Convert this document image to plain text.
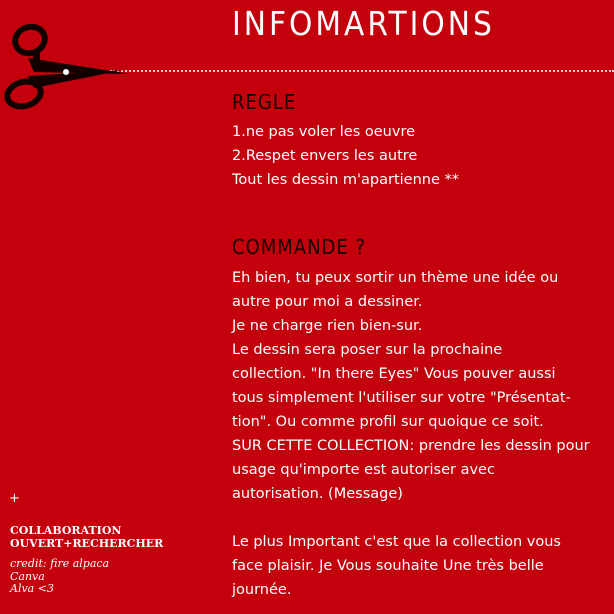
INFOMARTIONS
REGLE
1.ne pas voler les oeuvre
2.Respet envers les autre
Tout les dessin m'apartienne **
COMMANDE ?
Eh bien, tu peux sortir un thème une idée ou
autre pour moi a dessiner.
Je ne charge rien bien-sur.
Le dessin sera poser sur la prochaine
collection. "In there Eyes" Vous pouver aussi
tous simplement l'utiliser sur votre "Présentat-
tion". Ou comme profil sur quoique ce soit.
SUR CETTE COLLECTION: prendre les dessin pour
usage qu'importe est autoriser avec
autorisation. (Message)
Le plus Important c'est que la collection vous
face plaisir. Je Vous souhaite Une très belle
journée.
+
COLLABORATION
OUVERT+RECHERCHER
credit: fire alpaca
Canva
Alva <3
